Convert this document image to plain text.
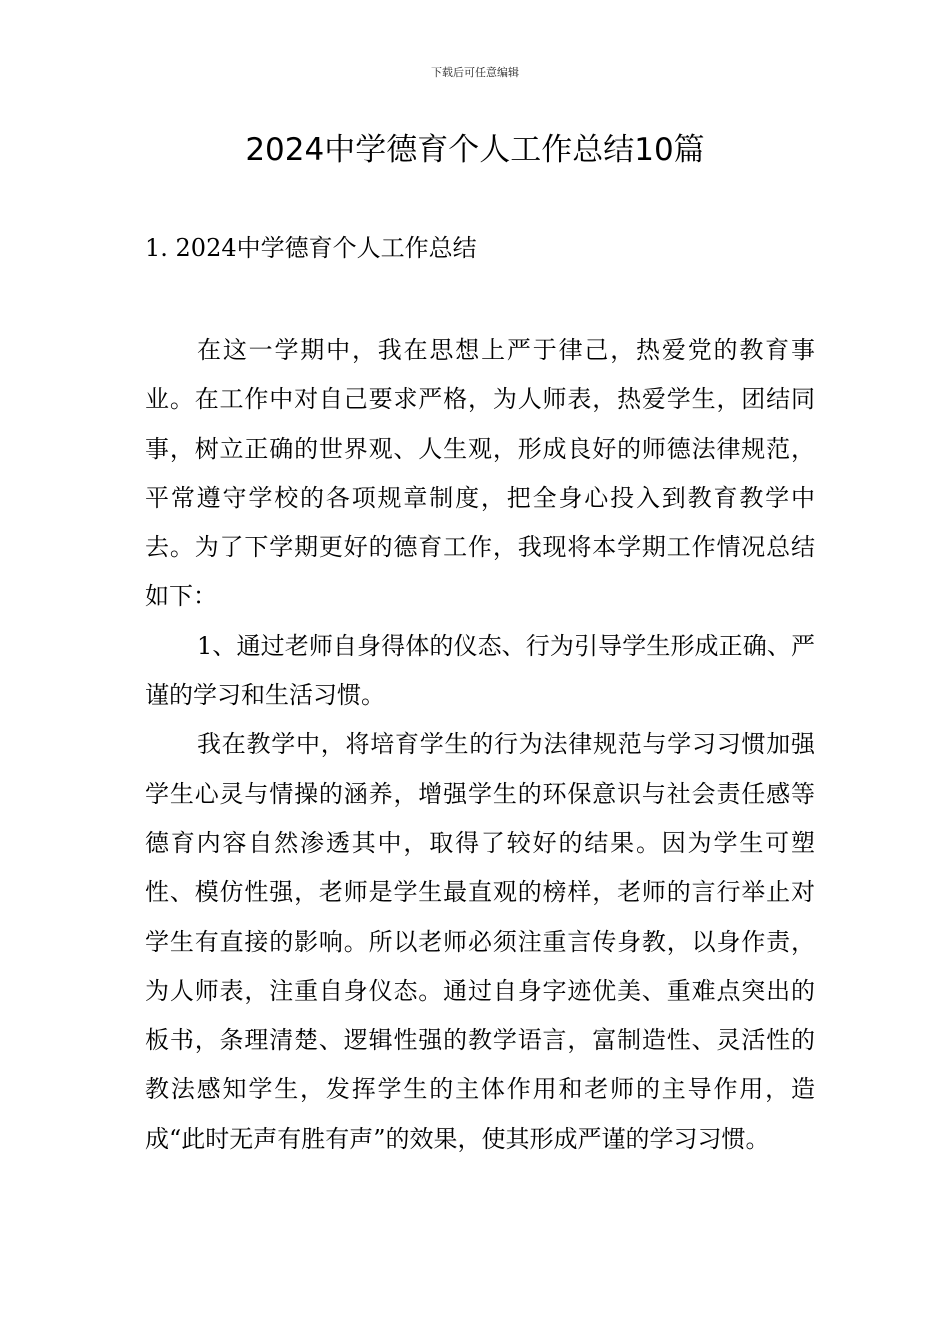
下载后可任意编辑
2024中学德育个人工作总结10篇
1. 2024中学德育个人工作总结

在这一学期中，我在思想上严于律己，热爱党的教育事业。在工作中对自己要求严格，为人师表，热爱学生，团结同事，树立正确的世界观、人生观，形成良好的师德法律规范，平常遵守学校的各项规章制度，把全身心投入到教育教学中去。为了下学期更好的德育工作，我现将本学期工作情况总结如下：

1、通过老师自身得体的仪态、行为引导学生形成正确、严谨的学习和生活习惯。

我在教学中，将培育学生的行为法律规范与学习习惯加强学生心灵与情操的涵养，增强学生的环保意识与社会责任感等德育内容自然渗透其中，取得了较好的结果。因为学生可塑性、模仿性强，老师是学生最直观的榜样，老师的言行举止对学生有直接的影响。所以老师必须注重言传身教，以身作责，为人师表，注重自身仪态。通过自身字迹优美、重难点突出的板书，条理清楚、逻辑性强的教学语言，富制造性、灵活性的教法感知学生，发挥学生的主体作用和老师的主导作用，造成“此时无声有胜有声”的效果，使其形成严谨的学习习惯。
